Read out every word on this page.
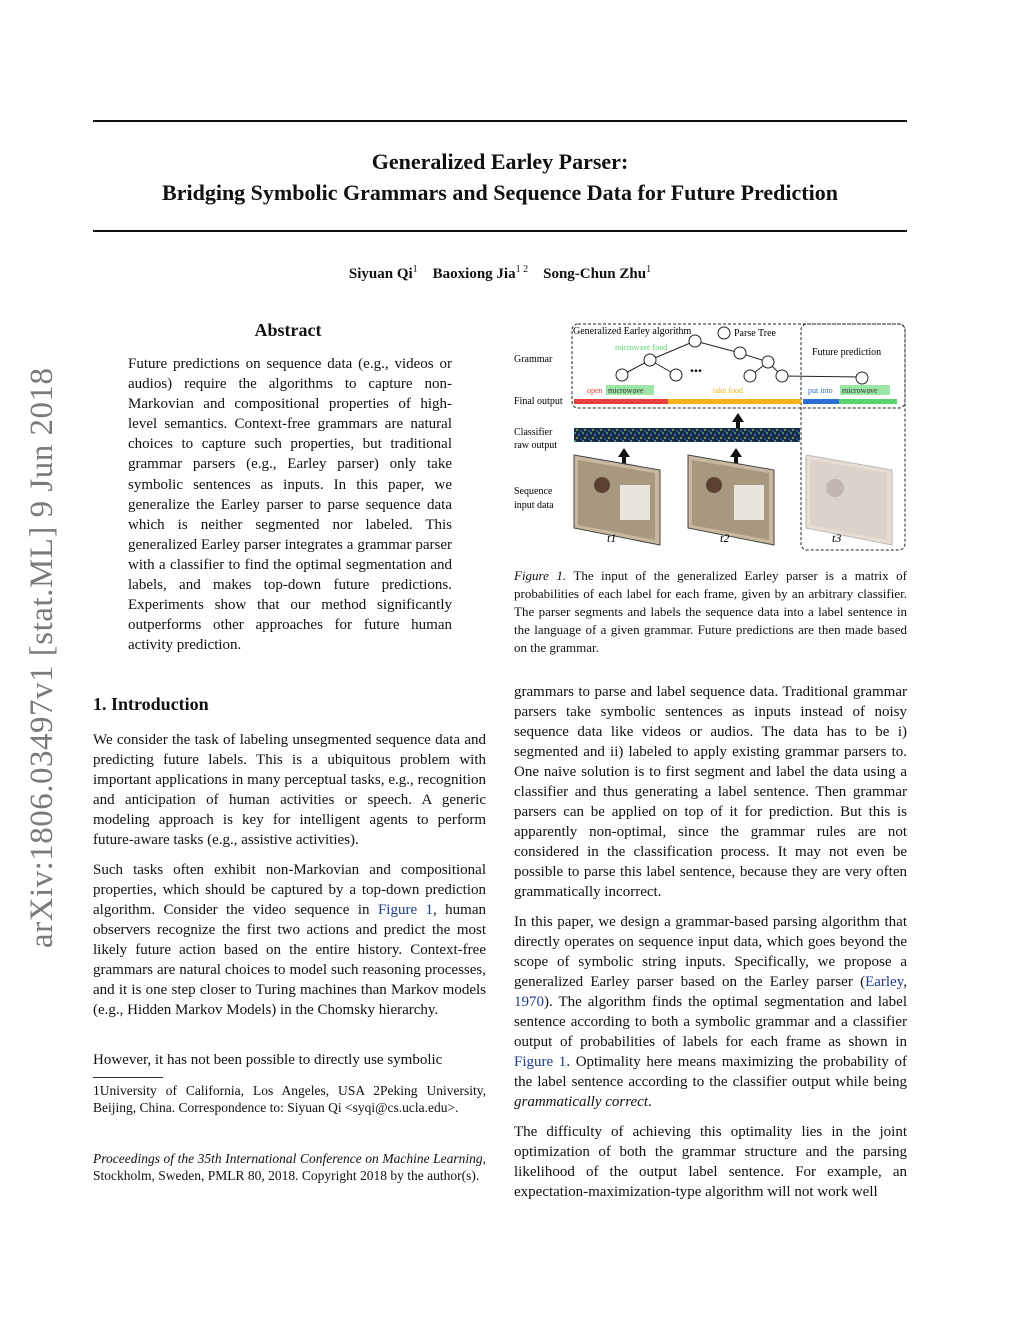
arXiv:1806.03497v1 [stat.ML] 9 Jun 2018
Generalized Earley Parser:
Bridging Symbolic Grammars and Sequence Data for Future Prediction
Siyuan Qi$^1$ Baoxiong Jia$^{1 2}$ Song-Chun Zhu$^1$
Abstract
Future predictions on sequence data (e.g., videos or audios) require the algorithms to capture non-Markovian and compositional properties of high-level semantics. Context-free grammars are natural choices to capture such properties, but traditional grammar parsers (e.g., Earley parser) only take symbolic sentences as inputs. In this paper, we generalize the Earley parser to parse sequence data which is neither segmented nor labeled. This generalized Earley parser integrates a grammar parser with a classifier to find the optimal segmentation and labels, and makes top-down future predictions. Experiments show that our method significantly outperforms other approaches for future human activity prediction.
Generalized Earley algorithm	Parse Tree
Grammar
Future prediction
Final output
Classifier
raw output
Sequence
input data
...
microwave food
open microwave	take food	put into microwave
t1	t2	t3
Figure 1. The input of the generalized Earley parser is a matrix of probabilities of each label for each frame, given by an arbitrary classifier. The parser segments and labels the sequence data into a label sentence in the language of a given grammar. Future predictions are then made based on the grammar.
1. Introduction
We consider the task of labeling unsegmented sequence data and predicting future labels. This is a ubiquitous problem with important applications in many perceptual tasks, e.g., recognition and anticipation of human activities or speech. A generic modeling approach is key for intelligent agents to perform future-aware tasks (e.g., assistive activities).
Such tasks often exhibit non-Markovian and compositional properties, which should be captured by a top-down prediction algorithm. Consider the video sequence in Figure 1, human observers recognize the first two actions and predict the most likely future action based on the entire history. Context-free grammars are natural choices to model such reasoning processes, and it is one step closer to Turing machines than Markov models (e.g., Hidden Markov Models) in the Chomsky hierarchy.
However, it has not been possible to directly use symbolic
1University of California, Los Angeles, USA 2Peking University, Beijing, China. Correspondence to: Siyuan Qi <syqi@cs.ucla.edu>.
Proceedings of the 35th International Conference on Machine Learning, Stockholm, Sweden, PMLR 80, 2018. Copyright 2018 by the author(s).
grammars to parse and label sequence data. Traditional grammar parsers take symbolic sentences as inputs instead of noisy sequence data like videos or audios. The data has to be i) segmented and ii) labeled to apply existing grammar parsers to. One naive solution is to first segment and label the data using a classifier and thus generating a label sentence. Then grammar parsers can be applied on top of it for prediction. But this is apparently non-optimal, since the grammar rules are not considered in the classification process. It may not even be possible to parse this label sentence, because they are very often grammatically incorrect.
In this paper, we design a grammar-based parsing algorithm that directly operates on sequence input data, which goes beyond the scope of symbolic string inputs. Specifically, we propose a generalized Earley parser based on the Earley parser (Earley, 1970). The algorithm finds the optimal segmentation and label sentence according to both a symbolic grammar and a classifier output of probabilities of labels for each frame as shown in Figure 1. Optimality here means maximizing the probability of the label sentence according to the classifier output while being grammatically correct.
The difficulty of achieving this optimality lies in the joint optimization of both the grammar structure and the parsing likelihood of the output label sentence. For example, an expectation-maximization-type algorithm will not work well
